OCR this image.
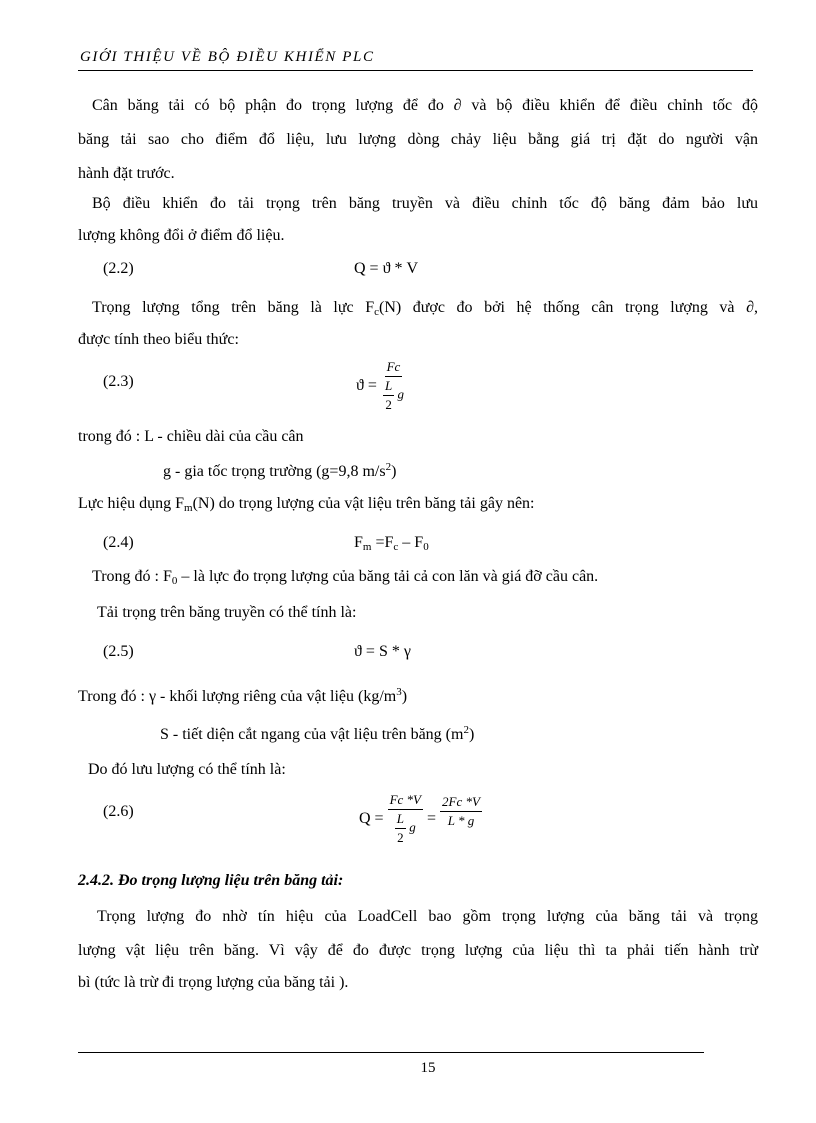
GIỚI THIỆU VỀ BỘ ĐIỀU KHIỂN PLC
Cân băng tải có bộ phận đo trọng lượng để đo ∂ và bộ điều khiển để điều chỉnh tốc độ
băng tải sao cho điểm đổ liệu, lưu lượng dòng chảy liệu bằng giá trị đặt do người vận
hành đặt trước.
Bộ điều khiển đo tải trọng trên băng truyền và điều chỉnh tốc độ băng đảm bảo lưu
lượng không đổi ở điểm đổ liệu.
(2.2)	Q = ϑ * V
Trọng lượng tổng trên băng là lực $F_c(N)$ được đo bởi hệ thống cân trọng lượng và ∂,
được tính theo biểu thức:
(2.3)	$ϑ = \frac{Fc}{\frac{L}{2} g}$
trong đó : L - chiều dài của cầu cân
g - gia tốc trọng trường (g=9,8 $m/s^2$)
Lực hiệu dụng $F_m(N)$ do trọng lượng của vật liệu trên băng tải gây nên:
(2.4)	$F_m =F_c - F_0$
Trong đó : $F_0$ – là lực đo trọng lượng của băng tải cả con lăn và giá đỡ cầu cân.
Tải trọng trên băng truyền có thể tính là:
(2.5)	ϑ = S * γ
Trong đó : γ - khối lượng riêng của vật liệu $(kg/m^3)$
S - tiết diện cắt ngang của vật liệu trên băng $(m^2)$
Do đó lưu lượng có thể tính là:
(2.6)	$Q = \frac{Fc *V}{\frac{L}{2} g} = \frac{2Fc *V}{L * g}$
2.4.2. Đo trọng lượng liệu trên băng tải:
Trọng lượng đo nhờ tín hiệu của LoadCell bao gồm trọng lượng của băng tải và trọng
lượng vật liệu trên băng. Vì vậy để đo được trọng lượng của liệu thì ta phải tiến hành trừ
bì (tức là trừ đi trọng lượng của băng tải ).
15
